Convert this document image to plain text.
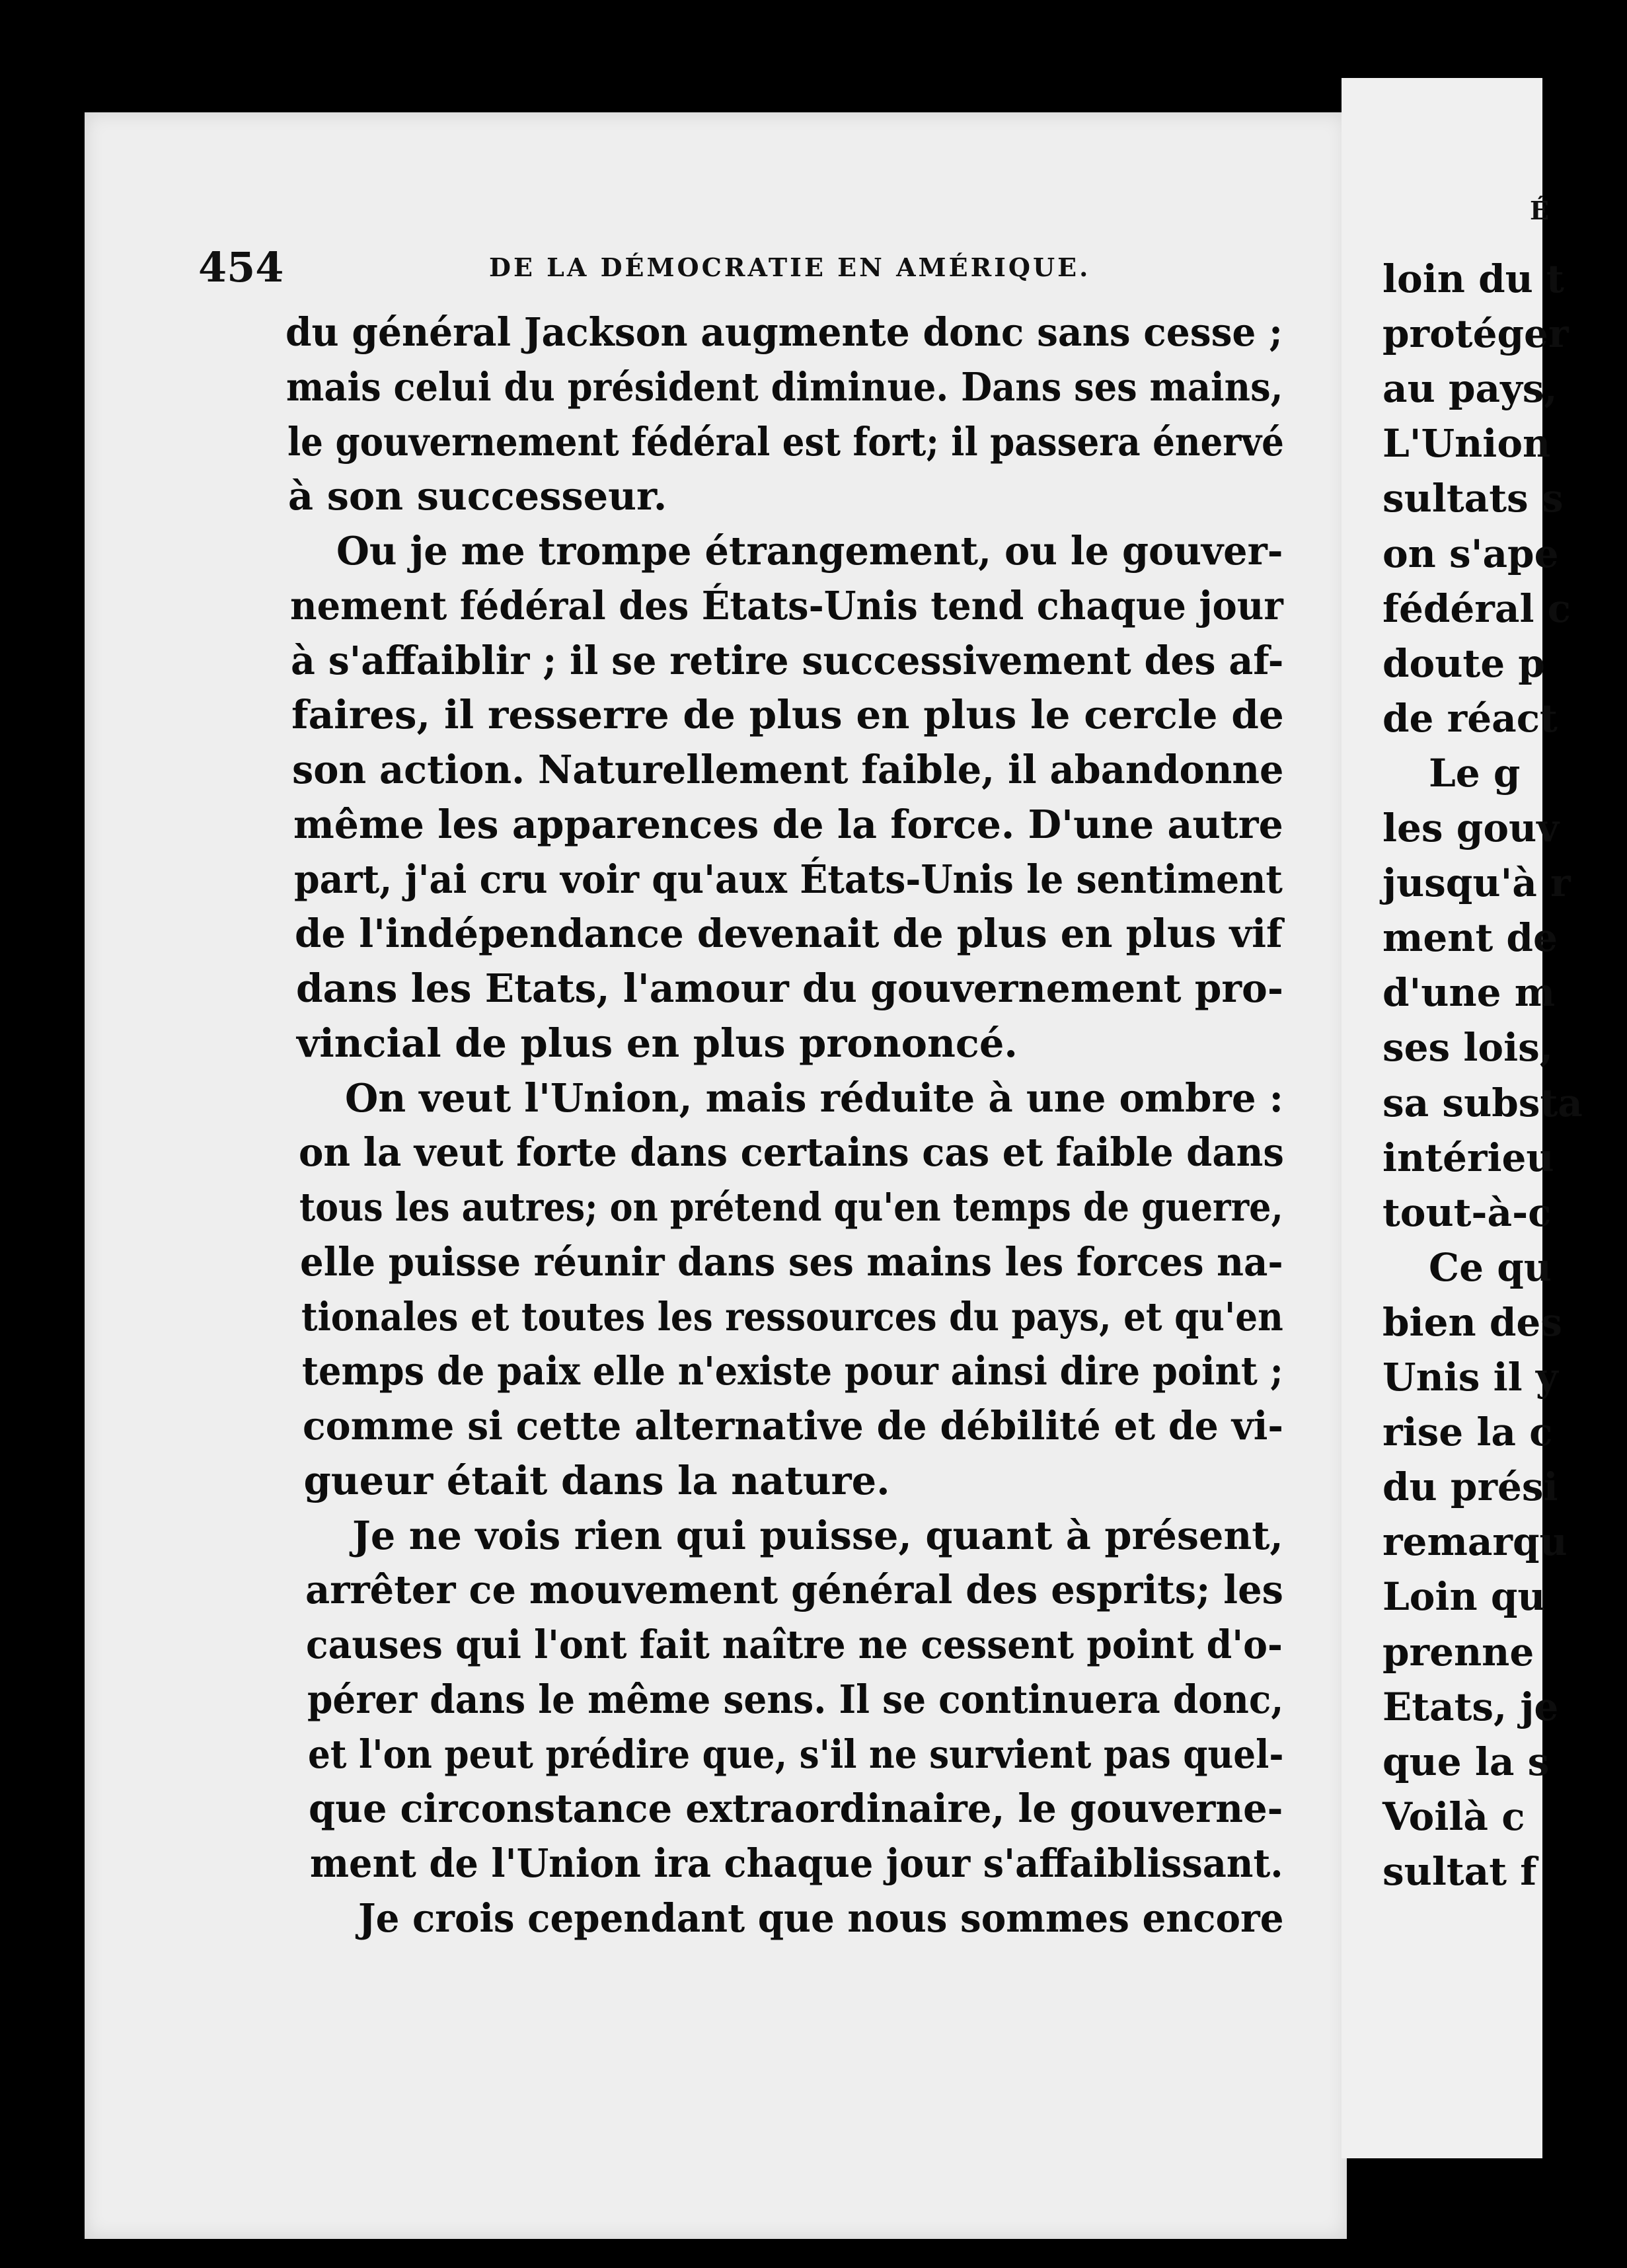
É
454	DE LA DÉMOCRATIE EN AMÉRIQUE.
du général Jackson augmente donc sans cesse ;
mais celui du président diminue. Dans ses mains,
le gouvernement fédéral est fort; il passera énervé
à son successeur.
Ou je me trompe étrangement, ou le gouver-
nement fédéral des États-Unis tend chaque jour
à s'affaiblir ; il se retire successivement des af-
faires, il resserre de plus en plus le cercle de
son action. Naturellement faible, il abandonne
même les apparences de la force. D'une autre
part, j'ai cru voir qu'aux États-Unis le sentiment
de l'indépendance devenait de plus en plus vif
dans les Etats, l'amour du gouvernement pro-
vincial de plus en plus prononcé.
On veut l'Union, mais réduite à une ombre :
on la veut forte dans certains cas et faible dans
tous les autres; on prétend qu'en temps de guerre,
elle puisse réunir dans ses mains les forces na-
tionales et toutes les ressources du pays, et qu'en
temps de paix elle n'existe pour ainsi dire point ;
comme si cette alternative de débilité et de vi-
gueur était dans la nature.
Je ne vois rien qui puisse, quant à présent,
arrêter ce mouvement général des esprits; les
causes qui l'ont fait naître ne cessent point d'o-
pérer dans le même sens. Il se continuera donc,
et l'on peut prédire que, s'il ne survient pas quel-
que circonstance extraordinaire, le gouverne-
ment de l'Union ira chaque jour s'affaiblissant.
Je crois cependant que nous sommes encore
loin du t
protéger
au pays,
L'Union
sultats s
on s'ape
fédéral c
doute p
de réact
Le g
les gouv
jusqu'à r
ment de
d'une m
ses lois,
sa substa
intérieu
tout-à-c
Ce qu
bien des
Unis il y
rise la c
du prési
remarqu
Loin qu
prenne
Etats, je
que la s
Voilà c
sultat f
